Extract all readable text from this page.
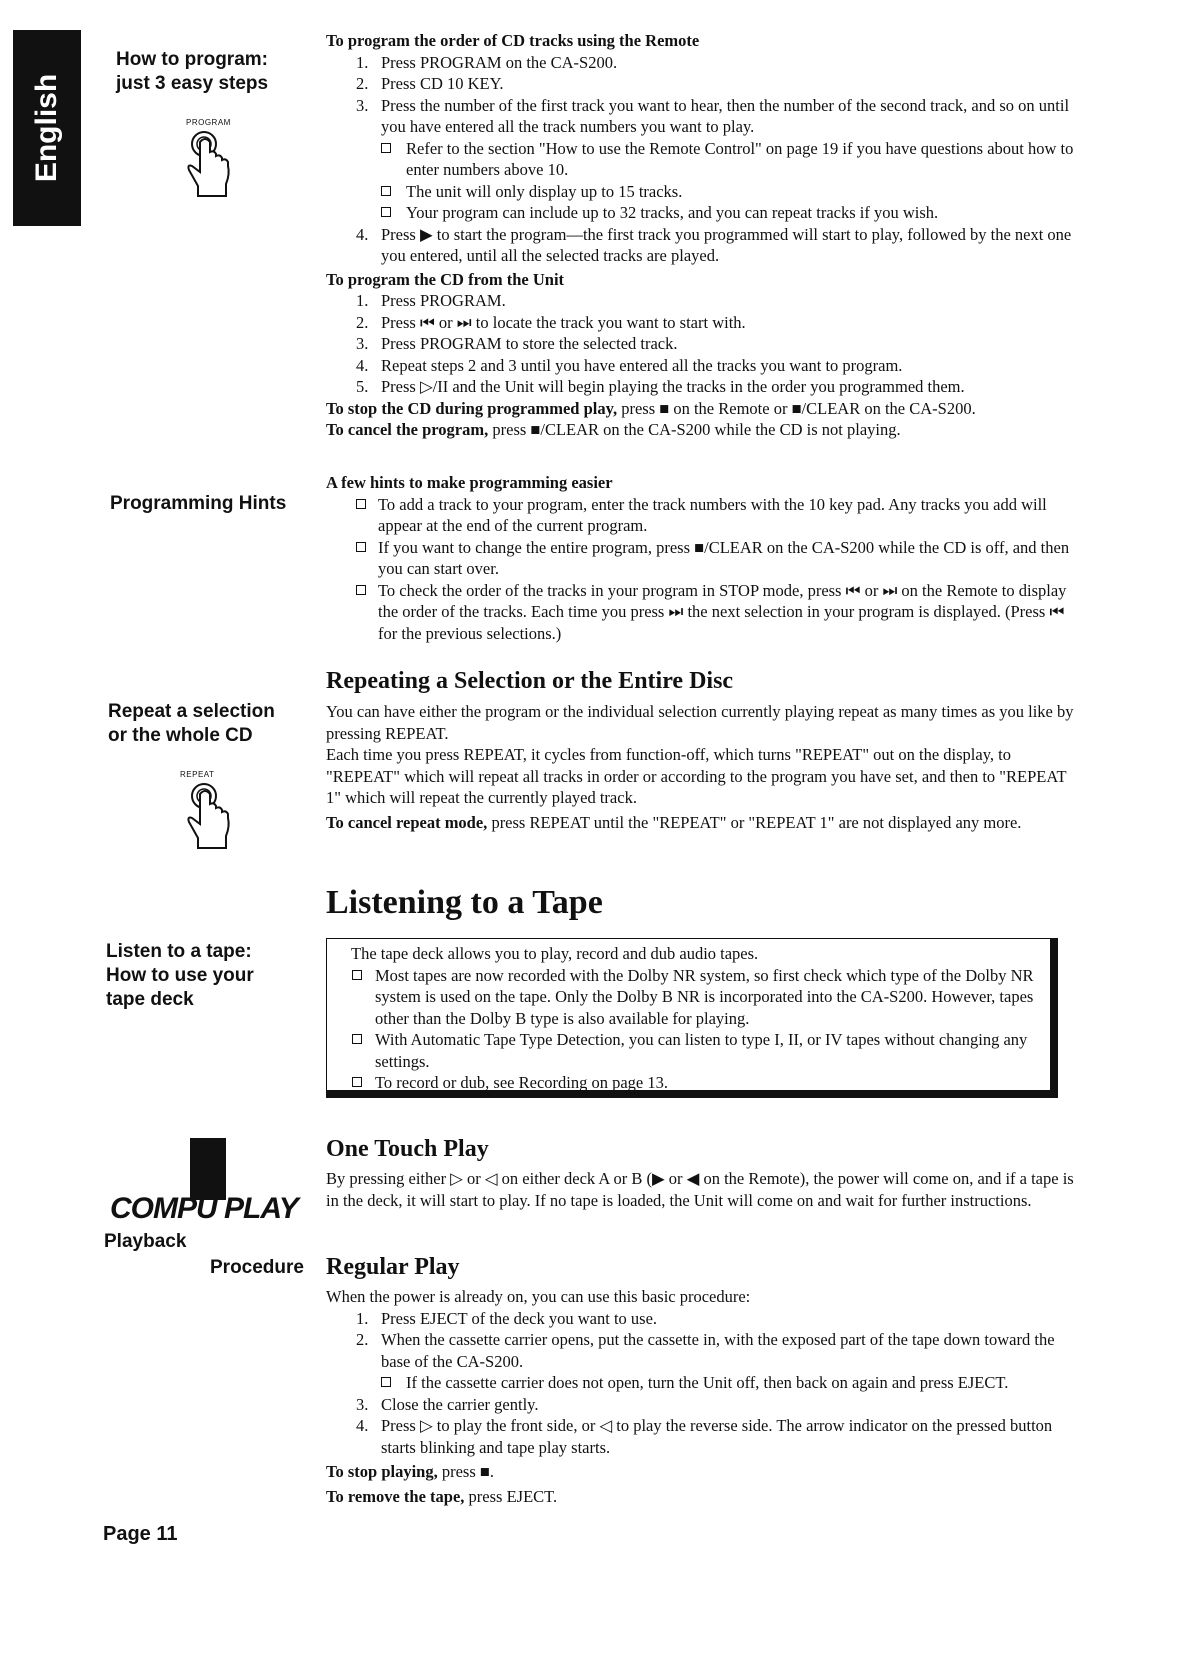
English
How to program:
just 3 easy steps
PROGRAM
Programming Hints
Repeat a selection
or the whole CD
REPEAT
Listen to a tape:
How to use your
tape deck
COMPU PLAY
Playback
Procedure
Page 11
To program the order of CD tracks using the Remote
1. Press PROGRAM on the CA-S200.
2. Press CD 10 KEY.
3. Press the number of the first track you want to hear, then the number of the second track, and so on until you have entered all the track numbers you want to play.
Refer to the section "How to use the Remote Control" on page 19 if you have questions about how to enter numbers above 10.
The unit will only display up to 15 tracks.
Your program can include up to 32 tracks, and you can repeat tracks if you wish.
4. Press ▶ to start the program—the first track you programmed will start to play, followed by the next one you entered, until all the selected tracks are played.
To program the CD from the Unit
1. Press PROGRAM.
2. Press ⏮ or ⏭ to locate the track you want to start with.
3. Press PROGRAM to store the selected track.
4. Repeat steps 2 and 3 until you have entered all the tracks you want to program.
5. Press ▷/II and the Unit will begin playing the tracks in the order you programmed them.
To stop the CD during programmed play, press ■ on the Remote or ■/CLEAR on the CA-S200.
To cancel the program, press ■/CLEAR on the CA-S200 while the CD is not playing.
A few hints to make programming easier
To add a track to your program, enter the track numbers with the 10 key pad. Any tracks you add will appear at the end of the current program.
If you want to change the entire program, press ■/CLEAR on the CA-S200 while the CD is off, and then you can start over.
To check the order of the tracks in your program in STOP mode, press ⏮ or ⏭ on the Remote to display the order of the tracks. Each time you press ⏭ the next selection in your program is displayed. (Press ⏮ for the previous selections.)
Repeating a Selection or the Entire Disc
You can have either the program or the individual selection currently playing repeat as many times as you like by pressing REPEAT.
Each time you press REPEAT, it cycles from function-off, which turns "REPEAT" out on the display, to "REPEAT" which will repeat all tracks in order or according to the program you have set, and then to "REPEAT 1" which will repeat the currently played track.
To cancel repeat mode, press REPEAT until the "REPEAT" or "REPEAT 1" are not displayed any more.
Listening to a Tape
The tape deck allows you to play, record and dub audio tapes.
Most tapes are now recorded with the Dolby NR system, so first check which type of the Dolby NR system is used on the tape. Only the Dolby B NR is incorporated into the CA-S200. However, tapes other than the Dolby B type is also available for playing.
With Automatic Tape Type Detection, you can listen to type I, II, or IV tapes without changing any settings.
To record or dub, see Recording on page 13.
One Touch Play
By pressing either ▷ or ◁ on either deck A or B (▶ or ◀ on the Remote), the power will come on, and if a tape is in the deck, it will start to play. If no tape is loaded, the Unit will come on and wait for further instructions.
Regular Play
When the power is already on, you can use this basic procedure:
1. Press EJECT of the deck you want to use.
2. When the cassette carrier opens, put the cassette in, with the exposed part of the tape down toward the base of the CA-S200.
If the cassette carrier does not open, turn the Unit off, then back on again and press EJECT.
3. Close the carrier gently.
4. Press ▷ to play the front side, or ◁ to play the reverse side. The arrow indicator on the pressed button starts blinking and tape play starts.
To stop playing, press ■.
To remove the tape, press EJECT.
